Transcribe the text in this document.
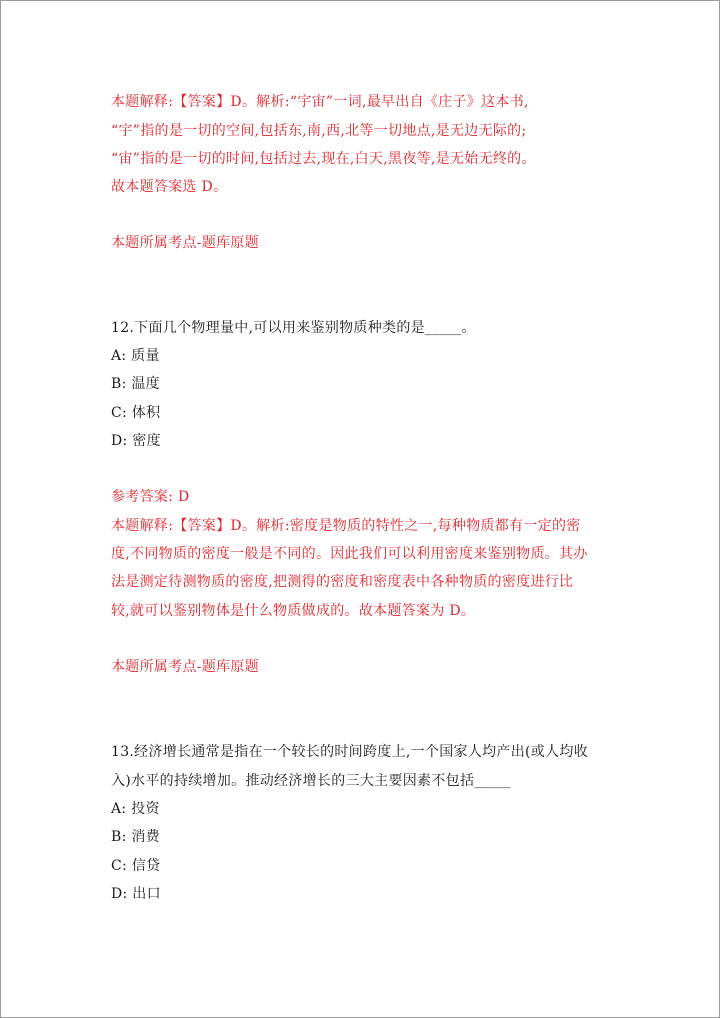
本题解释:【答案】D。解析:“宇宙”一词,最早出自《庄子》这本书,

“宇”指的是一切的空间,包括东,南,西,北等一切地点,是无边无际的;

“宙”指的是一切的时间,包括过去,现在,白天,黑夜等,是无始无终的。

故本题答案选 D。

本题所属考点-题库原题

12.下面几个物理量中,可以用来鉴别物质种类的是_____。

A: 质量

B: 温度

C: 体积

D: 密度

参考答案: D

本题解释:【答案】D。解析:密度是物质的特性之一,每种物质都有一定的密

度,不同物质的密度一般是不同的。因此我们可以利用密度来鉴别物质。其办

法是测定待测物质的密度,把测得的密度和密度表中各种物质的密度进行比

较,就可以鉴别物体是什么物质做成的。故本题答案为 D。

本题所属考点-题库原题

13.经济增长通常是指在一个较长的时间跨度上,一个国家人均产出(或人均收

入)水平的持续增加。推动经济增长的三大主要因素不包括_____

A: 投资

B: 消费

C: 信贷

D: 出口
